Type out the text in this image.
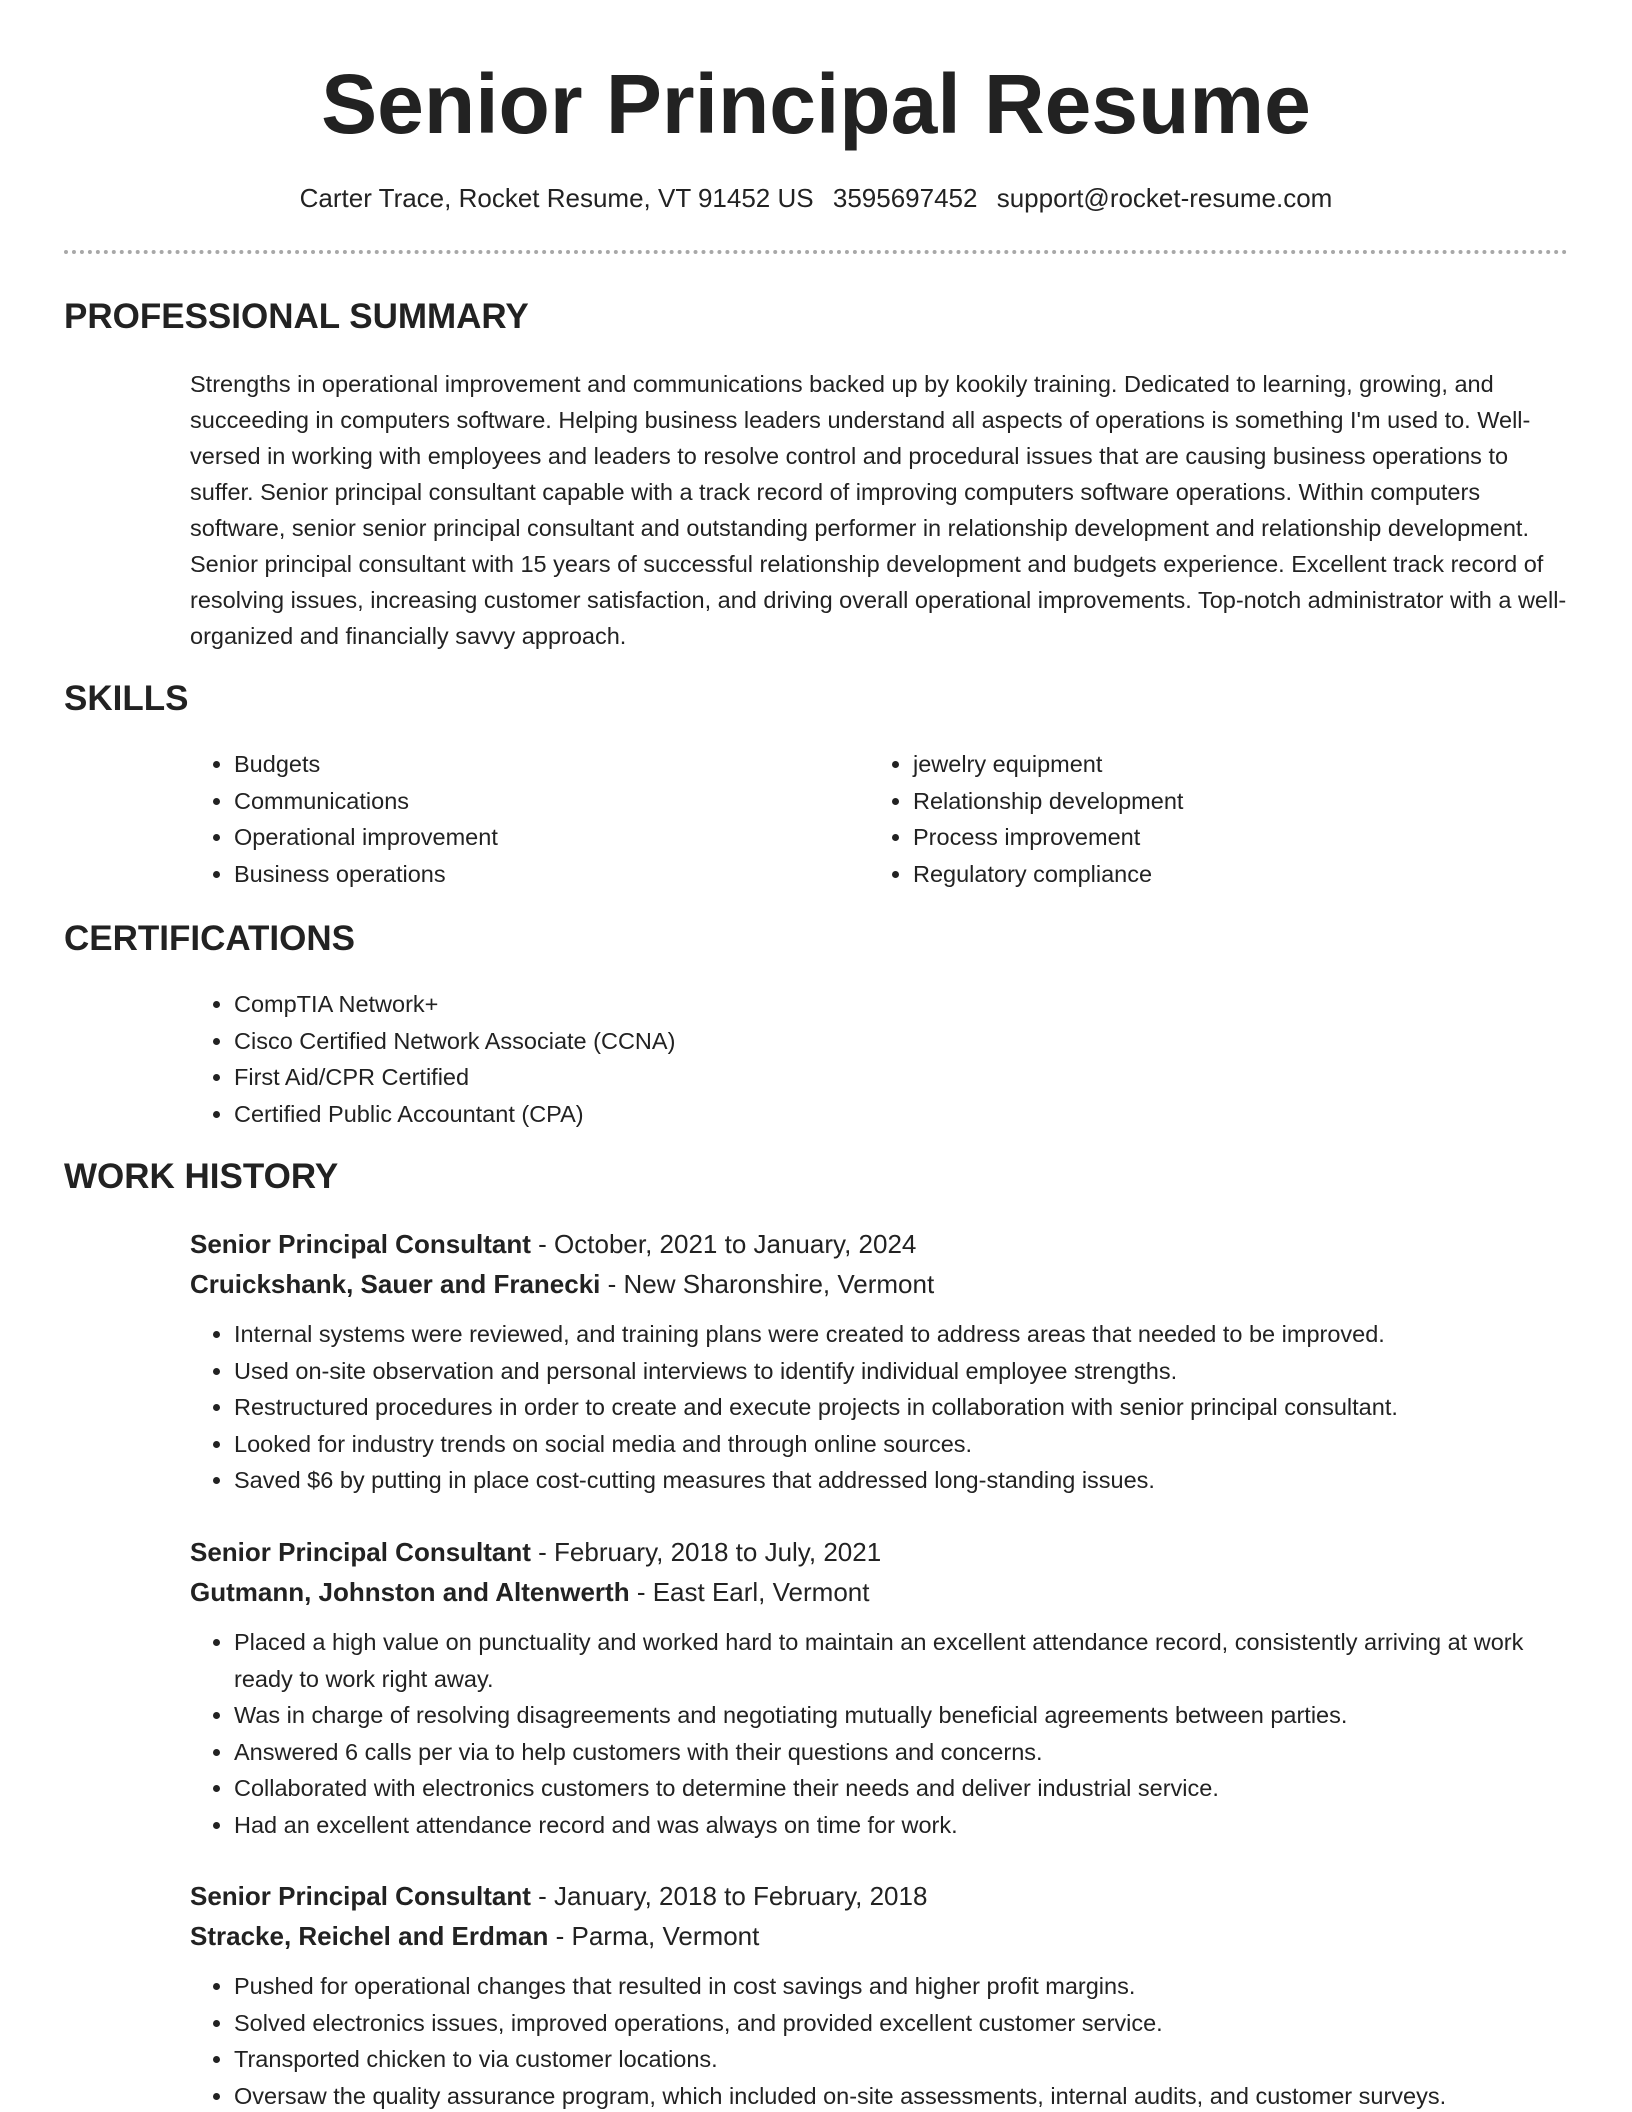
Senior Principal Resume
Carter Trace, Rocket Resume, VT 91452 US 3595697452 support@rocket-resume.com
PROFESSIONAL SUMMARY

Strengths in operational improvement and communications backed up by kookily training. Dedicated to learning, growing, and succeeding in computers software. Helping business leaders understand all aspects of operations is something I'm used to. Well-versed in working with employees and leaders to resolve control and procedural issues that are causing business operations to suffer. Senior principal consultant capable with a track record of improving computers software operations. Within computers software, senior senior principal consultant and outstanding performer in relationship development and relationship development. Senior principal consultant with 15 years of successful relationship development and budgets experience. Excellent track record of resolving issues, increasing customer satisfaction, and driving overall operational improvements. Top-notch administrator with a well-organized and financially savvy approach.

SKILLS
• Budgets
• Communications
• Operational improvement
• Business operations
• jewelry equipment
• Relationship development
• Process improvement
• Regulatory compliance
CERTIFICATIONS
• CompTIA Network+
• Cisco Certified Network Associate (CCNA)
• First Aid/CPR Certified
• Certified Public Accountant (CPA)
WORK HISTORY
Senior Principal Consultant - October, 2021 to January, 2024
Cruickshank, Sauer and Franecki - New Sharonshire, Vermont
• Internal systems were reviewed, and training plans were created to address areas that needed to be improved.
• Used on-site observation and personal interviews to identify individual employee strengths.
• Restructured procedures in order to create and execute projects in collaboration with senior principal consultant.
• Looked for industry trends on social media and through online sources.
• Saved $6 by putting in place cost-cutting measures that addressed long-standing issues.
Senior Principal Consultant - February, 2018 to July, 2021
Gutmann, Johnston and Altenwerth - East Earl, Vermont
• Placed a high value on punctuality and worked hard to maintain an excellent attendance record, consistently arriving at work ready to work right away.
• Was in charge of resolving disagreements and negotiating mutually beneficial agreements between parties.
• Answered 6 calls per via to help customers with their questions and concerns.
• Collaborated with electronics customers to determine their needs and deliver industrial service.
• Had an excellent attendance record and was always on time for work.
Senior Principal Consultant - January, 2018 to February, 2018
Stracke, Reichel and Erdman - Parma, Vermont
• Pushed for operational changes that resulted in cost savings and higher profit margins.
• Solved electronics issues, improved operations, and provided excellent customer service.
• Transported chicken to via customer locations.
• Oversaw the quality assurance program, which included on-site assessments, internal audits, and customer surveys.
